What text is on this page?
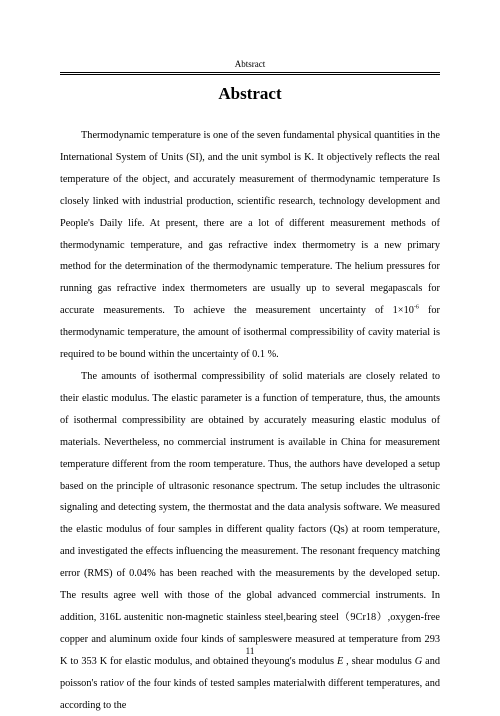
Abtsract
Abstract

Thermodynamic temperature is one of the seven fundamental physical quantities in the International System of Units (SI), and the unit symbol is K. It objectively reflects the real temperature of the object, and accurately measurement of thermodynamic temperature Is closely linked with industrial production, scientific research, technology development and People's Daily life. At present, there are a lot of different measurement methods of thermodynamic temperature, and gas refractive index thermometry is a new primary method for the determination of the thermodynamic temperature. The helium pressures for running gas refractive index thermometers are usually up to several megapascals for accurate measurements. To achieve the measurement uncertainty of $1\times 10^{-6}$ for thermodynamic temperature, the amount of isothermal compressibility of cavity material is required to be bound within the uncertainty of 0.1 %.

The amounts of isothermal compressibility of solid materials are closely related to their elastic modulus. The elastic parameter is a function of temperature, thus, the amounts of isothermal compressibility are obtained by accurately measuring elastic modulus of materials. Nevertheless, no commercial instrument is available in China for measurement temperature different from the room temperature. Thus, the authors have developed a setup based on the principle of ultrasonic resonance spectrum. The setup includes the ultrasonic signaling and detecting system, the thermostat and the data analysis software. We measured the elastic modulus of four samples in different quality factors (Qs) at room temperature, and investigated the effects influencing the measurement. The resonant frequency matching error (RMS) of 0.04% has been reached with the measurements by the developed setup. The results agree well with those of the global advanced commercial instruments. In addition, 316L austenitic non-magnetic stainless steel,bearing steel（9Cr18）,oxygen-free copper and aluminum oxide four kinds of sampleswere measured at temperature from 293 K to 353 K for elastic modulus, and obtained theyoung's modulus E , shear modulus G and poisson's ratiov of the four kinds of tested samples materialwith different temperatures, and according to the

11
